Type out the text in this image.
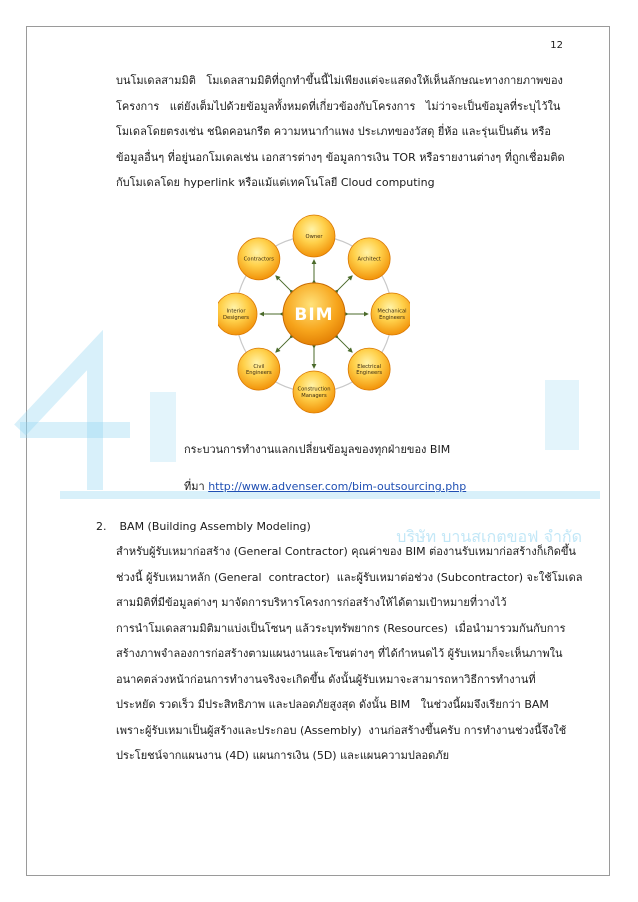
12
บริษัท บานสเกตขอฟ จำกัด
บนโมเดลสามมิติ   โมเดลสามมิติที่ถูกทำขึ้นนี้ไม่เพียงแต่จะแสดงให้เห็นลักษณะทางกายภาพของ
โครงการ   แต่ยังเต็มไปด้วยข้อมูลทั้งหมดที่เกี่ยวข้องกับโครงการ   ไม่ว่าจะเป็นข้อมูลที่ระบุไว้ใน
โมเดลโดยตรงเช่น ชนิดคอนกรีต ความหนากำแพง ประเภทของวัสดุ ยี่ห้อ และรุ่นเป็นต้น หรือ
ข้อมูลอื่นๆ ที่อยู่นอกโมเดลเช่น เอกสารต่างๆ ข้อมูลการเงิน TOR หรือรายงานต่างๆ ที่ถูกเชื่อมติด
กับโมเดลโดย hyperlink หรือแม้แต่เทคโนโลยี Cloud computing
Owner
Architect
Mechanical Engineers
Electrical Engineers
Construction Managers
Civil Engineers
Interior Designers
Contractors
BIM
กระบวนการทำงานแลกเปลี่ยนข้อมูลของทุกฝ่ายของ BIM
ที่มา http://www.advenser.com/bim-outsourcing.php
2. BAM (Building Assembly Modeling)
สำหรับผู้รับเหมาก่อสร้าง (General Contractor) คุณค่าของ BIM ต่องานรับเหมาก่อสร้างก็เกิดขึ้น
ช่วงนี้ ผู้รับเหมาหลัก (General  contractor)  และผู้รับเหมาต่อช่วง (Subcontractor) จะใช้โมเดล
สามมิติที่มีข้อมูลต่างๆ มาจัดการบริหารโครงการก่อสร้างให้ได้ตามเป้าหมายที่วางไว้
การนำโมเดลสามมิติมาแบ่งเป็นโซนๆ แล้วระบุทรัพยากร (Resources)  เมื่อนำมารวมกันกับการ
สร้างภาพจำลองการก่อสร้างตามแผนงานและโซนต่างๆ ที่ได้กำหนดไว้ ผู้รับเหมาก็จะเห็นภาพใน
อนาคตล่วงหน้าก่อนการทำงานจริงจะเกิดขึ้น ดังนั้นผู้รับเหมาจะสามารถหาวิธีการทำงานที่
ประหยัด รวดเร็ว มีประสิทธิภาพ และปลอดภัยสูงสุด ดังนั้น BIM   ในช่วงนี้ผมจึงเรียกว่า BAM
เพราะผู้รับเหมาเป็นผู้สร้างและประกอบ (Assembly)  งานก่อสร้างขึ้นครับ การทำงานช่วงนี้จึงใช้
ประโยชน์จากแผนงาน (4D) แผนการเงิน (5D) และแผนความปลอดภัย
